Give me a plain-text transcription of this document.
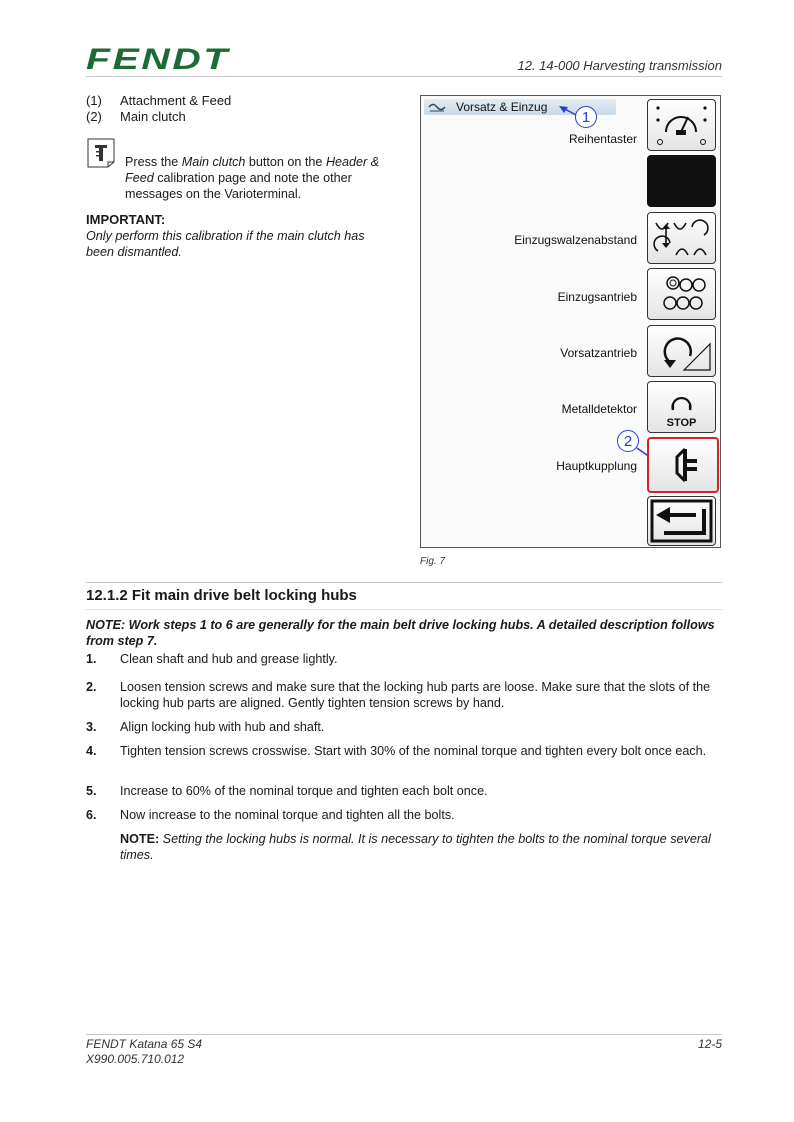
FENDT	12. 14-000 Harvesting transmission
(1)	Attachment & Feed
(2)	Main clutch
Press the Main clutch button on the Header & Feed calibration page and note the other messages on the Varioterminal.
IMPORTANT:
Only perform this calibration if the main clutch has been dismantled.
Vorsatz & Einzug
1
2
Reihentaster
Einzugswalzenabstand
Einzugsantrieb
Vorsatzantrieb
Metalldetektor
Hauptkupplung
STOP
Fig. 7
12.1.2 Fit main drive belt locking hubs
NOTE: Work steps 1 to 6 are generally for the main belt drive locking hubs. A detailed description follows from step 7.
1.	Clean shaft and hub and grease lightly.
2.	Loosen tension screws and make sure that the locking hub parts are loose. Make sure that the slots of the locking hub parts are aligned. Gently tighten tension screws by hand.
3.	Align locking hub with hub and shaft.
4.	Tighten tension screws crosswise. Start with 30% of the nominal torque and tighten every bolt once each.
5.	Increase to 60% of the nominal torque and tighten each bolt once.
6.	Now increase to the nominal torque and tighten all the bolts.
NOTE: Setting the locking hubs is normal. It is necessary to tighten the bolts to the nominal torque several times.
FENDT Katana 65 S4
X990.005.710.012
12-5
